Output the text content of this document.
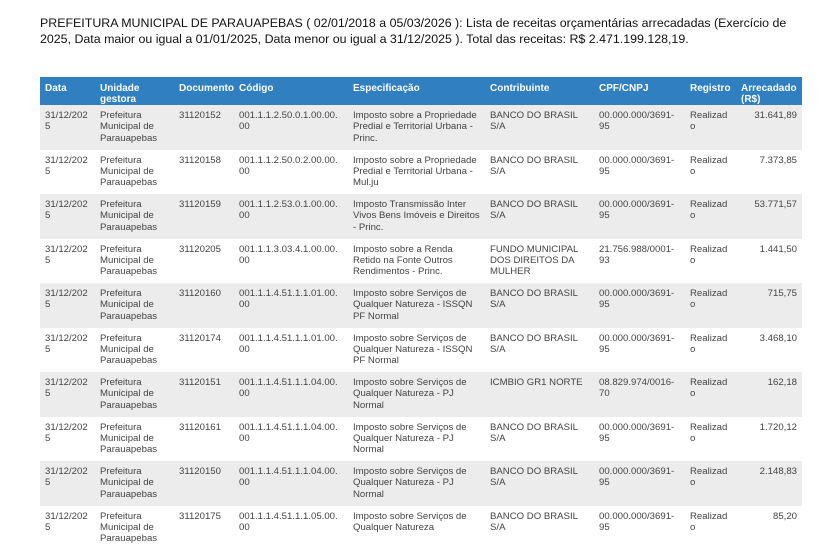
PREFEITURA MUNICIPAL DE PARAUAPEBAS ( 02/01/2018 a 05/03/2026 ): Lista de receitas orçamentárias arrecadadas (Exercício de 2025, Data maior ou igual a 01/01/2025, Data menor ou igual a 31/12/2025 ). Total das receitas: R$ 2.471.199.128,19.
Data	Unidade gestora	Documento	Código	Especificação	Contribuinte	CPF/CNPJ	Registro	Arrecadado (R$)
31/12/2025	Prefeitura Municipal de Parauapebas	31120152	001.1.1.2.50.0.1.00.00.00	Imposto sobre a Propriedade Predial e Territorial Urbana - Princ.	BANCO DO BRASIL S/A	00.000.000/3691-95	Realizado	31.641,89
31/12/2025	Prefeitura Municipal de Parauapebas	31120158	001.1.1.2.50.0.2.00.00.00	Imposto sobre a Propriedade Predial e Territorial Urbana - Mul.ju	BANCO DO BRASIL S/A	00.000.000/3691-95	Realizado	7.373,85
31/12/2025	Prefeitura Municipal de Parauapebas	31120159	001.1.1.2.53.0.1.00.00.00	Imposto Transmissão Inter Vivos Bens Imóveis e Direitos - Princ.	BANCO DO BRASIL S/A	00.000.000/3691-95	Realizado	53.771,57
31/12/2025	Prefeitura Municipal de Parauapebas	31120205	001.1.1.3.03.4.1.00.00.00	Imposto sobre a Renda Retido na Fonte Outros Rendimentos - Princ.	FUNDO MUNICIPAL DOS DIREITOS DA MULHER	21.756.988/0001-93	Realizado	1.441,50
31/12/2025	Prefeitura Municipal de Parauapebas	31120160	001.1.1.4.51.1.1.01.00.00	Imposto sobre Serviços de Qualquer Natureza - ISSQN PF Normal	BANCO DO BRASIL S/A	00.000.000/3691-95	Realizado	715,75
31/12/2025	Prefeitura Municipal de Parauapebas	31120174	001.1.1.4.51.1.1.01.00.00	Imposto sobre Serviços de Qualquer Natureza - ISSQN PF Normal	BANCO DO BRASIL S/A	00.000.000/3691-95	Realizado	3.468,10
31/12/2025	Prefeitura Municipal de Parauapebas	31120151	001.1.1.4.51.1.1.04.00.00	Imposto sobre Serviços de Qualquer Natureza - PJ Normal	ICMBIO GR1 NORTE	08.829.974/0016-70	Realizado	162,18
31/12/2025	Prefeitura Municipal de Parauapebas	31120161	001.1.1.4.51.1.1.04.00.00	Imposto sobre Serviços de Qualquer Natureza - PJ Normal	BANCO DO BRASIL S/A	00.000.000/3691-95	Realizado	1.720,12
31/12/2025	Prefeitura Municipal de Parauapebas	31120150	001.1.1.4.51.1.1.04.00.00	Imposto sobre Serviços de Qualquer Natureza - PJ Normal	BANCO DO BRASIL S/A	00.000.000/3691-95	Realizado	2.148,83
31/12/2025	Prefeitura Municipal de Parauapebas	31120175	001.1.1.4.51.1.1.05.00.00	Imposto sobre Serviços de Qualquer Natureza	BANCO DO BRASIL S/A	00.000.000/3691-95	Realizado	85,20
